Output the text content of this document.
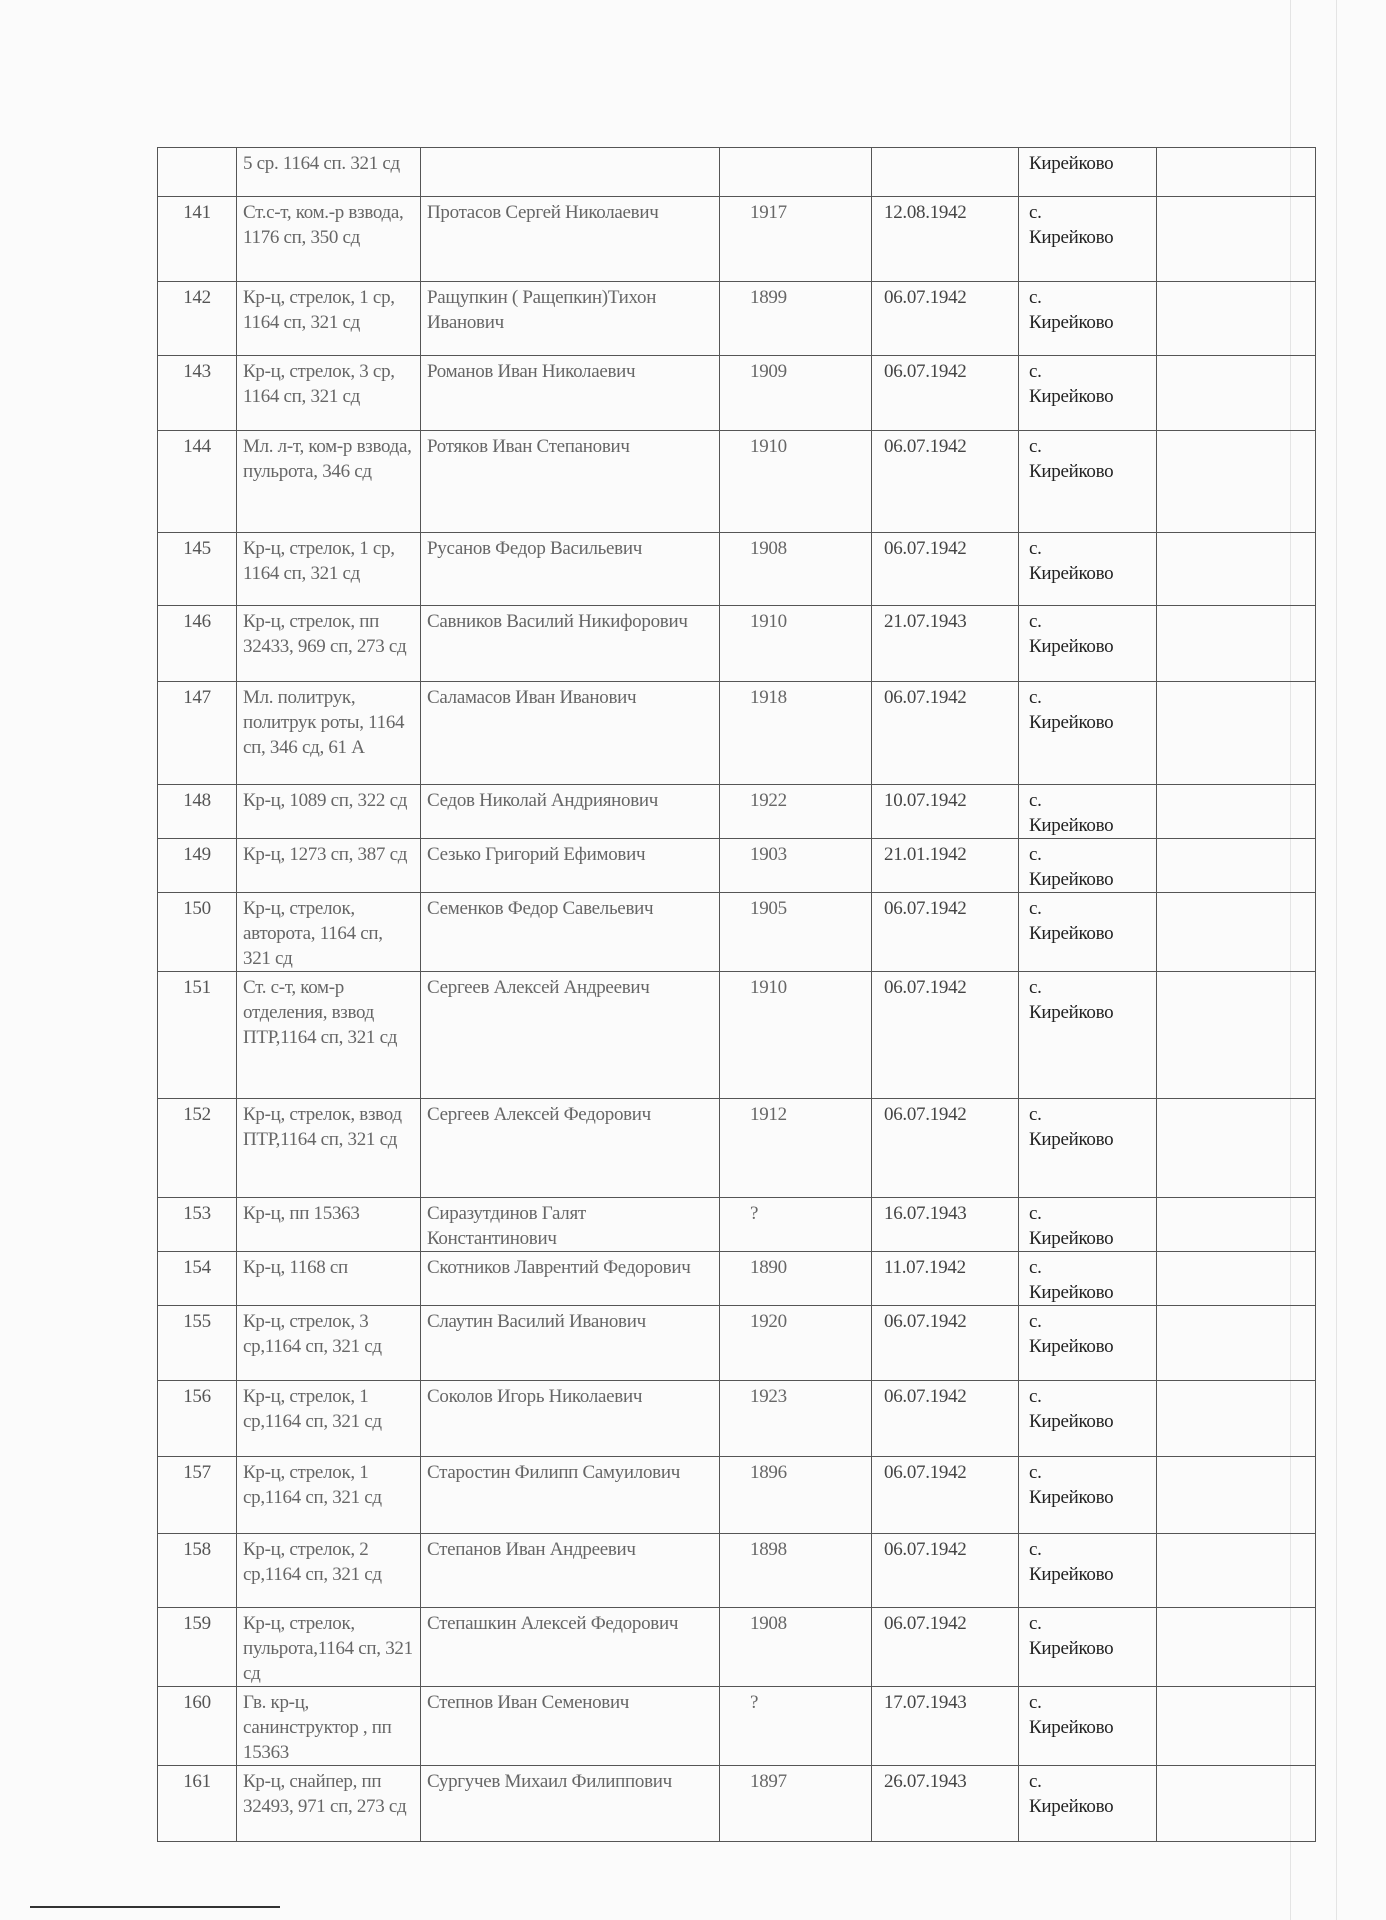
	5 ср. 1164 сп. 321 сд				Кирейково	

141	Ст.с-т, ком.-р взвода, 1176 сп, 350 сд	Протасов Сергей Николаевич	1917	12.08.1942	с.
Кирейково	

142	Кр-ц, стрелок, 1 ср, 1164 сп, 321 сд	Ращупкин ( Ращепкин)Тихон Иванович	1899	06.07.1942	с.
Кирейково	

143	Кр-ц, стрелок, 3 ср, 1164 сп, 321 сд	Романов Иван Николаевич	1909	06.07.1942	с.
Кирейково	

144	Мл. л-т, ком-р взвода, пульрота, 346 сд	Ротяков Иван Степанович	1910	06.07.1942	с.
Кирейково	

145	Кр-ц, стрелок, 1 ср, 1164 сп, 321 сд	Русанов Федор Васильевич	1908	06.07.1942	с.
Кирейково	

146	Кр-ц, стрелок, пп 32433, 969 сп, 273 сд	Савников Василий Никифорович	1910	21.07.1943	с.
Кирейково	

147	Мл. политрук, политрук роты, 1164 сп, 346 сд, 61 А	Саламасов Иван Иванович	1918	06.07.1942	с.
Кирейково	

148	Кр-ц, 1089 сп, 322 сд	Седов Николай Андриянович	1922	10.07.1942	с.
Кирейково	

149	Кр-ц, 1273 сп, 387 сд	Сезько Григорий Ефимович	1903	21.01.1942	с.
Кирейково	

150	Кр-ц, стрелок, авторота, 1164 сп, 321 сд	Семенков Федор Савельевич	1905	06.07.1942	с.
Кирейково	

151	Ст. с-т, ком-р отделения, взвод ПТР,1164 сп, 321 сд	Сергеев Алексей Андреевич	1910	06.07.1942	с.
Кирейково	

152	Кр-ц, стрелок, взвод ПТР,1164 сп, 321 сд	Сергеев Алексей Федорович	1912	06.07.1942	с.
Кирейково	

153	Кр-ц, пп 15363	Сиразутдинов Галят Константинович	?	16.07.1943	с.
Кирейково	

154	Кр-ц, 1168 сп	Скотников Лаврентий Федорович	1890	11.07.1942	с.
Кирейково	

155	Кр-ц, стрелок, 3 ср,1164 сп, 321 сд	Слаутин Василий Иванович	1920	06.07.1942	с.
Кирейково	

156	Кр-ц, стрелок, 1 ср,1164 сп, 321 сд	Соколов Игорь Николаевич	1923	06.07.1942	с.
Кирейково	

157	Кр-ц, стрелок, 1 ср,1164 сп, 321 сд	Старостин Филипп Самуилович	1896	06.07.1942	с.
Кирейково	

158	Кр-ц, стрелок, 2 ср,1164 сп, 321 сд	Степанов Иван Андреевич	1898	06.07.1942	с.
Кирейково	

159	Кр-ц, стрелок, пульрота,1164 сп, 321 сд	Степашкин Алексей Федорович	1908	06.07.1942	с.
Кирейково	

160	Гв. кр-ц, санинструктор , пп 15363	Степнов Иван Семенович	?	17.07.1943	с.
Кирейково	

161	Кр-ц, снайпер, пп 32493, 971 сп, 273 сд	Сургучев Михаил Филиппович	1897	26.07.1943	с.
Кирейково	
